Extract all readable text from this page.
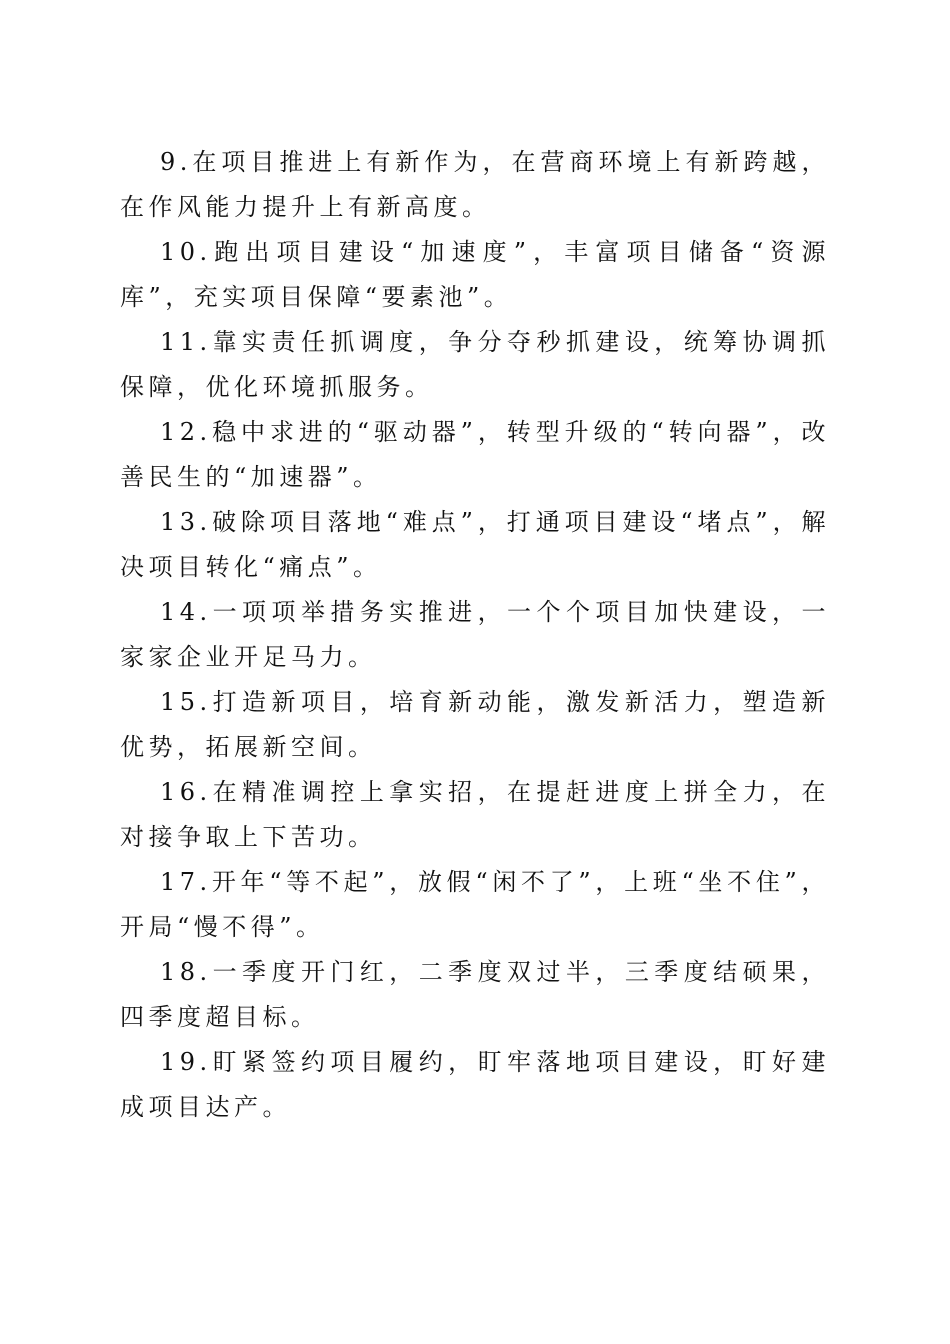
9.在项目推进上有新作为，在营商环境上有新跨越，在作风能力提升上有新高度。

10.跑出项目建设“加速度”，丰富项目储备“资源库”，充实项目保障“要素池”。

11.靠实责任抓调度，争分夺秒抓建设，统筹协调抓保障，优化环境抓服务。

12.稳中求进的“驱动器”，转型升级的“转向器”，改善民生的“加速器”。

13.破除项目落地“难点”，打通项目建设“堵点”，解决项目转化“痛点”。

14.一项项举措务实推进，一个个项目加快建设，一家家企业开足马力。

15.打造新项目，培育新动能，激发新活力，塑造新优势，拓展新空间。

16.在精准调控上拿实招，在提赶进度上拼全力，在对接争取上下苦功。

17.开年“等不起”，放假“闲不了”，上班“坐不住”，开局“慢不得”。

18.一季度开门红，二季度双过半，三季度结硕果，四季度超目标。

19.盯紧签约项目履约，盯牢落地项目建设，盯好建成项目达产。
